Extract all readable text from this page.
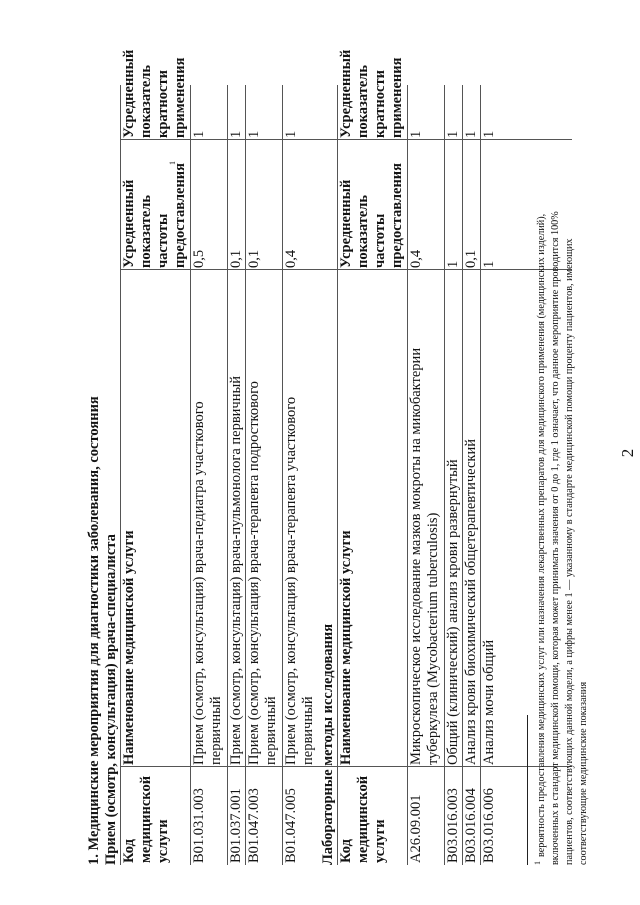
2
1. Медицинские мероприятия для диагностики заболевания, состояния Прием (осмотр, консультация) врача-специалиста Код медицинской услуги
Наименование медицинской услуги
Усредненный показатель частоты предоставления
1
Усредненный показатель кратности применения
B01.031.003
Прием (осмотр, консультация) врача-педиатра участкового первичный
0,5
1
B01.037.001
Прием (осмотр, консультация) врача-пульмонолога первичный
0,1
1
B01.047.003
Прием (осмотр, консультация) врача-терапевта подросткового первичный
0,1
1
B01.047.005
Прием (осмотр, консультация) врача-терапевта участкового первичный
0,4
1
Лабораторные методы исследования Код медицинской услуги
Наименование медицинской услуги
Усредненный показатель частоты предоставления
Усредненный показатель кратности применения
A26.09.001
Микроскопическое исследование мазков мокроты на микобактерии туберкулеза (Mycobacterium tuberculosis)
0,4
1
B03.016.003
Общий (клинический) анализ крови развернутый
1
1
B03.016.004
Анализ крови биохимический общетерапевтический
0,1
1
B03.016.006
Анализ мочи общий
1
1
1
вероятность предоставления медицинских услуг или назначения лекарственных препаратов для медицинского применения (медицинских изделий), включенных в стандарт медицинской помощи, которая может принимать значения от 0 до 1, где 1 означает, что данное мероприятие проводится 100% пациентов, соответствующих данной модели, а цифры менее 1 — указанному в стандарте медицинской помощи проценту пациентов, имеющих соответствующие медицинские показания
